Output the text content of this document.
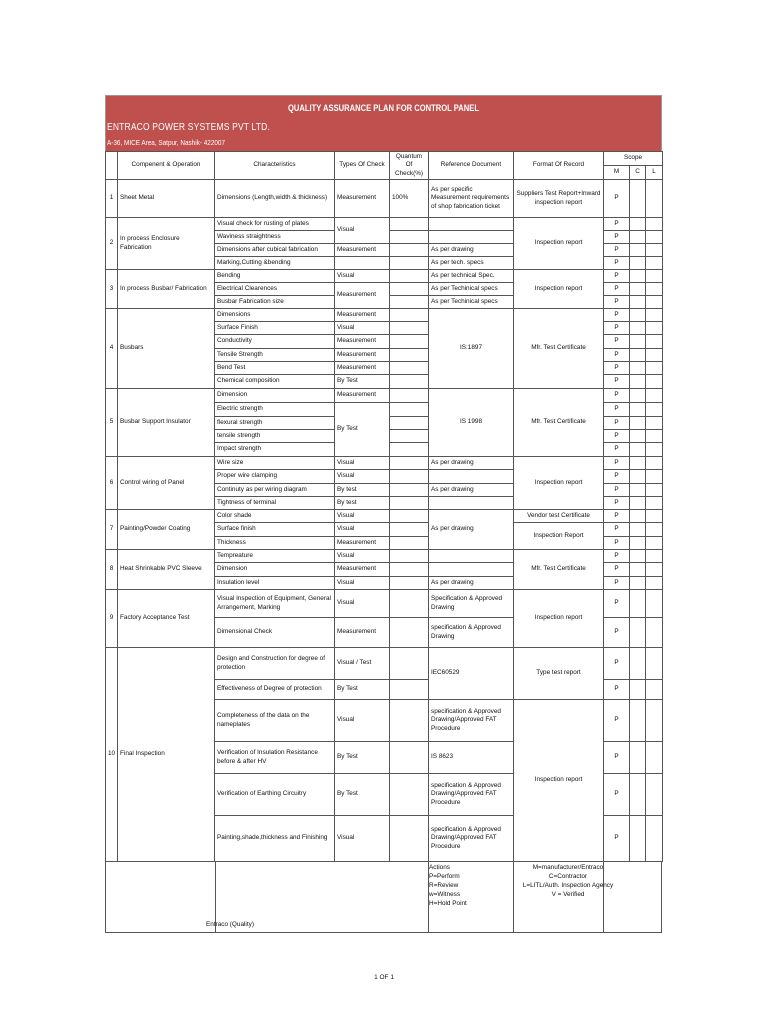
QUALITY ASSURANCE PLAN FOR CONTROL PANEL
ENTRACO POWER SYSTEMS PVT LTD.
A-36, MICE Area, Satpur, Nashik- 422007
	Compenent & Operation	Characteristics	Types Of Check	Quantum Of Check(%)	Reference Document	Format Of Record	Scope		
							M	C	L
1	Sheet Metal	Dimensions (Length,width & thickness)	Measurement	100%	As per specific Measurement requirements of shop fabrication ticket	Suppliers Test Report+Inward inspection report	P		
2	In process Enclosure Fabrication	Visual check for rusting of plates	Visual			Inspection report	P		
		Waviness straightness					P		
		Dimensions after cubical fabrication	Measurement		As per drawing		P		
		Marking,Cutting &bending			As per tech. specs		P		
3	In process Busbar/ Fabrication	Bending	Visual		As per technical Spec.	Inspection report	P		
		Electrical Clearences	Measurement		As per Techinical specs		P		
		Busbar Fabrication size			As per Techinical specs		P		
4	Busbars	Dimensions	Measurement		IS:1897	Mfr. Test Certificate	P		
		Surface Finish	Visual				P		
		Conductivity	Measurement				P		
		Tensile Strength	Measurement				P		
		Bend Test	Measurement				P		
		Chemical composition	By Test				P		
5	Busbar Support Insulator	Dimension	Measurement		IS 1998	Mfr. Test Certificate	P		
		Electric strength	By Test				P		
		flexural strength					P		
		tensile strength					P		
		Impact strength					P		
6	Control wiring of Panel	Wire size	Visual		As per drawing	Inspection report	P		
		Proper wire clamping	Visual				P		
		Continuty as per wiring diagram	By test		As per drawing		P		
		Tightness of terminal	By test				P		
7	Painting/Powder Coating	Color shade	Visual		As per drawing	Vendor test Certificate	P		
		Surface finish	Visual			Inspection Report	P		
		Thickness	Measurement				P		
8	Heat Shrinkable PVC Sleeve	Tempreature	Visual			Mfr. Test Certificate	P		
		Dimension	Measurement				P		
		Insulation level	Visual		As per drawing		P		
9	Factory Acceptance Test	Visual Inspection of Equipment, General Arrangement, Marking	Visual		Specification & Approved Drawing	Inspection report	P		
		Dimensional Check	Measurement		specification & Approved Drawing		P		
10	Final Inspection	Design and Construction for degree of protection	Visual / Test		IEC60529	Type test report	P		
		Effectiveness of Degree of protection	By Test				P		
		Completeness of the data on the nameplates	Visual		specification & Approved Drawing/Approved FAT Procedure	Inspection report	P		
		Verification of Insulation Resistance before & after HV	By Test		IS 8623		P		
		Verification of Earthing Circuitry	By Test		specification & Approved Drawing/Approved FAT Procedure		P		
		Painting,shade,thickness and Finishing	Visual		specification & Approved Drawing/Approved FAT Procedure		P		
Entraco (Quality)
Actions
P=Perform
R=Review
w=Witness
H=Hold Point
M=manufacturer/Entraco
C=Contractor
L=LITL/Auth. Inspection Agency
V = Verified
1 OF 1
